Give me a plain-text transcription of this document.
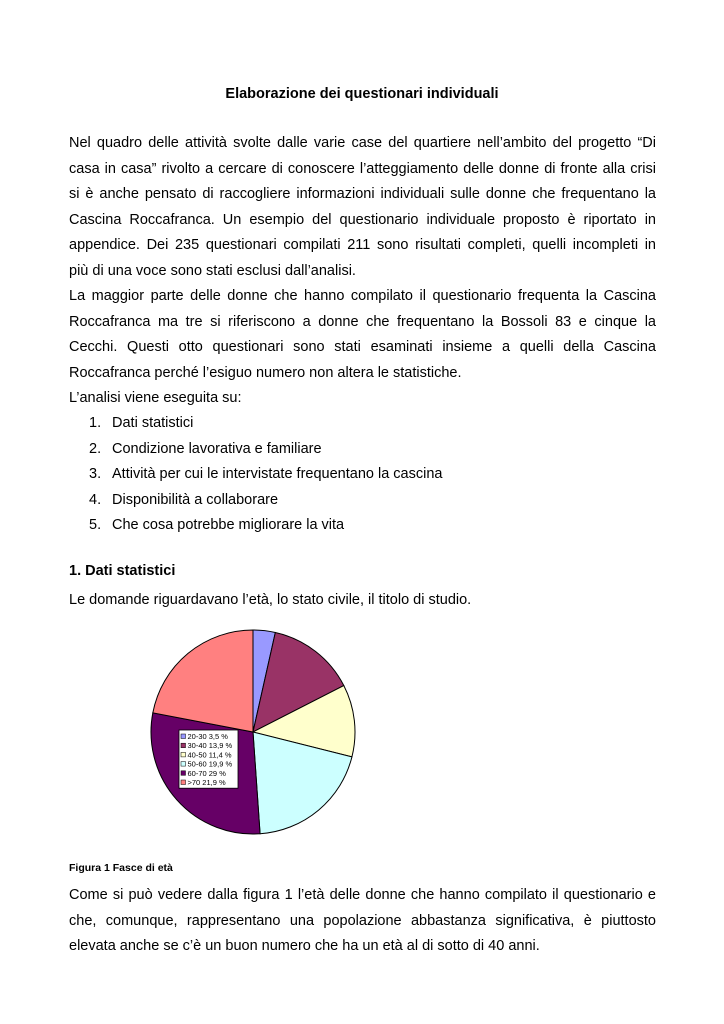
Elaborazione dei questionari individuali
Nel quadro delle attività svolte dalle varie case del quartiere nell’ambito del progetto “Di
casa in casa” rivolto a cercare di conoscere l’atteggiamento delle donne di fronte alla crisi
si è anche pensato di raccogliere informazioni individuali sulle donne che frequentano la
Cascina Roccafranca. Un esempio del questionario individuale proposto è riportato in
appendice. Dei 235 questionari compilati 211 sono risultati completi, quelli incompleti in
più di una voce sono stati esclusi dall’analisi.
La maggior parte delle donne che hanno compilato il questionario frequenta la Cascina
Roccafranca ma tre si riferiscono a donne che frequentano la Bossoli 83 e cinque la
Cecchi. Questi otto questionari sono stati esaminati insieme a quelli della Cascina
Roccafranca perché l’esiguo numero non altera le statistiche.
L’analisi viene eseguita su:
1. Dati statistici
2. Condizione lavorativa e familiare
3. Attività per cui le intervistate frequentano la cascina
4. Disponibilità a collaborare
5. Che cosa potrebbe migliorare la vita
1. Dati statistici
Le domande riguardavano l’età, lo stato civile, il titolo di studio.
20-30 3,5 %
30-40 13,9 %
40-50 11,4 %
50-60 19,9 %
60-70 29 %
>70 21,9 %
Figura 1 Fasce di età
Come si può vedere dalla figura 1 l’età delle donne che hanno compilato il questionario e
che, comunque, rappresentano una popolazione abbastanza significativa, è piuttosto
elevata anche se c’è un buon numero che ha un età al di sotto di 40 anni.
